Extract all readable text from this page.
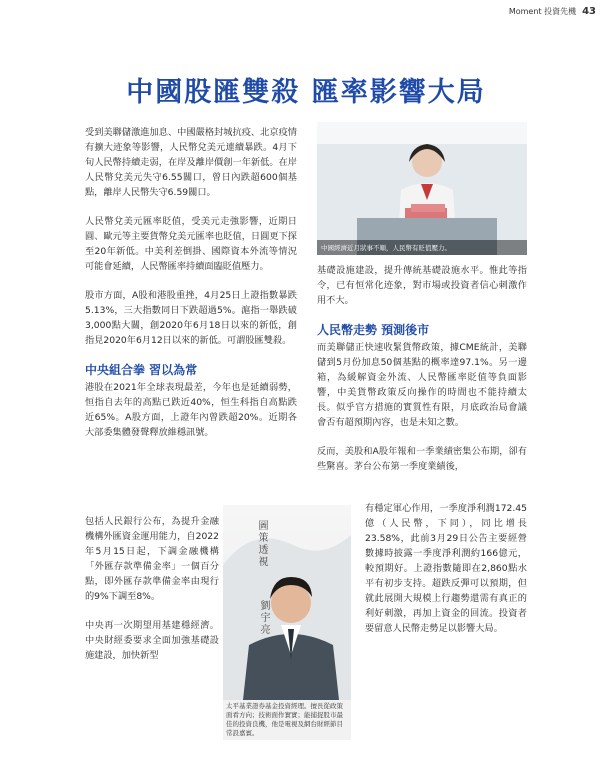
Moment 投資先機 43
中國股匯雙殺 匯率影響大局

受到美聯儲激進加息、中國嚴格封城抗疫、北京疫情有擴大迹象等影響，人民幣兌美元連續暴跌。4月下旬人民幣持續走弱，在岸及離岸價創一年新低。在岸人民幣兌美元失守6.55關口，曾日內跌超600個基點，離岸人民幣失守6.59關口。

人民幣兌美元匯率貶值，受美元走強影響，近期日圓、歐元等主要貨幣兌美元匯率也貶值，日圓更下探至20年新低。中美利差倒掛、國際資本外流等情況可能會延續，人民幣匯率持續面臨貶值壓力。

股市方面，A股和港股重挫，4月25日上證指數暴跌5.13%，三大指數同日下跌超過5%。滬指一舉跌破3,000點大關，創2020年6月18日以來的新低，創指見2020年6月12日以來的新低。可謂股匯雙殺。

中央組合拳 習以為常

港股在2021年全球表現最差，今年也是延續弱勢，恒指自去年的高點已跌近40%，恒生科指自高點跌近65%。A股方面，上證年內曾跌超20%。近期各大部委集體發聲釋放維穩訊號。

包括人民銀行公布，為提升金融機構外匯資金運用能力，自2022年5月15日起，下調金融機構「外匯存款準備金率」一個百分點，即外匯存款準備金率由現行的9%下調至8%。

中央再一次期望用基建穩經濟。中央財經委要求全面加強基礎設施建設，加快新型

中國經濟近月狀事不順，人民幣有貶值壓力。
圖策透視
劉宇亮
太平基業證券基金投資經理。擅長從政策面看方向；技術面作實實；能捕捉股市最佳的投資良機，他是電視及網台財經節目常設嘉賓。

基礎設施建設，提升傳統基礎設施水平。惟此等指令，已有恒常化迹象，對市場或投資者信心刺激作用不大。

人民幣走勢 預測後市

而美聯儲正快速收緊貨幣政策，據CME統計，美聯儲到5月份加息50個基點的概率達97.1%。另一邊箱，為緩解資金外流、人民幣匯率貶值等負面影響，中美貨幣政策反向操作的時間也不能持續太長。似乎官方措施的實質性有限，月底政治局會議會否有超預期內容，也是未知之數。

反而，美股和A股年報和一季業績密集公布期，卻有些驚喜。茅台公布第一季度業績後，

有穩定軍心作用，一季度淨利潤172.45億（人民幣，下同），同比增長23.58%，此前3月29日公告主要經營數據時披露一季度淨利潤約166億元，較預期好。上證指數隨即在2,860點水平有初步支持。超跌反彈可以預期，但就此展開大規模上行趨勢還需有真正的利好刺激，再加上資金的回流。投資者要留意人民幣走勢足以影響大局。
